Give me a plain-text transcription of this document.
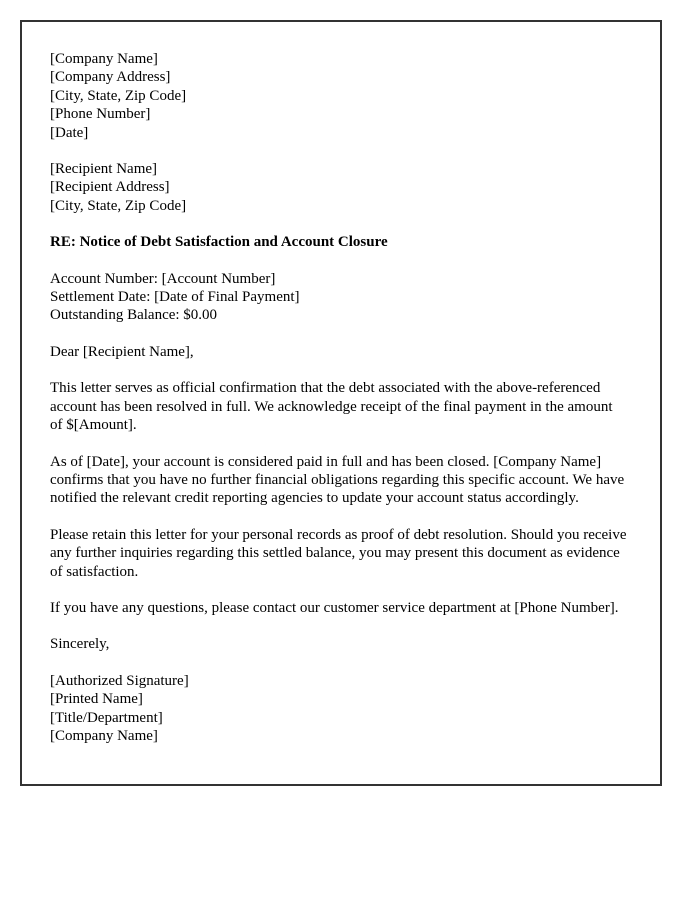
[Company Name]
[Company Address]
[City, State, Zip Code]
[Phone Number]
[Date]
[Recipient Name]
[Recipient Address]
[City, State, Zip Code]
RE: Notice of Debt Satisfaction and Account Closure
Account Number: [Account Number]
Settlement Date: [Date of Final Payment]
Outstanding Balance: $0.00
Dear [Recipient Name],

This letter serves as official confirmation that the debt associated with the above-referenced account has been resolved in full. We acknowledge receipt of the final payment in the amount of $[Amount].

As of [Date], your account is considered paid in full and has been closed. [Company Name] confirms that you have no further financial obligations regarding this specific account. We have notified the relevant credit reporting agencies to update your account status accordingly.

Please retain this letter for your personal records as proof of debt resolution. Should you receive any further inquiries regarding this settled balance, you may present this document as evidence of satisfaction.

If you have any questions, please contact our customer service department at [Phone Number].

Sincerely,
[Authorized Signature]
[Printed Name]
[Title/Department]
[Company Name]
